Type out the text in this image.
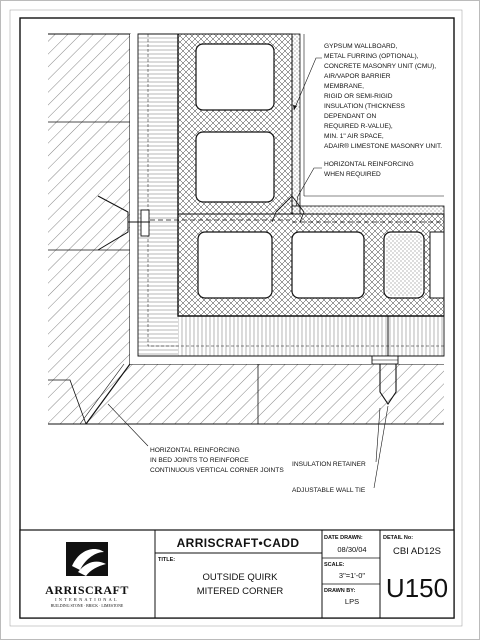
GYPSUM WALLBOARD,
METAL FURRING (OPTIONAL),
CONCRETE MASONRY UNIT (CMU),
AIR/VAPOR BARRIER
MEMBRANE,
RIGID OR SEMI-RIGID
INSULATION (THICKNESS
DEPENDANT ON
REQUIRED R-VALUE),
MIN. 1" AIR SPACE,
ADAIR® LIMESTONE MASONRY UNIT.
HORIZONTAL REINFORCING
WHEN REQUIRED
HORIZONTAL REINFORCING
IN BED JOINTS TO REINFORCE
CONTINUOUS VERTICAL CORNER JOINTS
INSULATION RETAINER
ADJUSTABLE WALL TIE
ARRISCRAFT
INTERNATIONAL
BUILDING STONE · BRICK · LIMESTONE
ARRISCRAFT•CADD
TITLE:
OUTSIDE QUIRK
MITERED CORNER
DATE DRAWN:
08/30/04
SCALE:
3"=1'-0"
DRAWN BY:
LPS
DETAIL No:
CBI AD12S
U150
